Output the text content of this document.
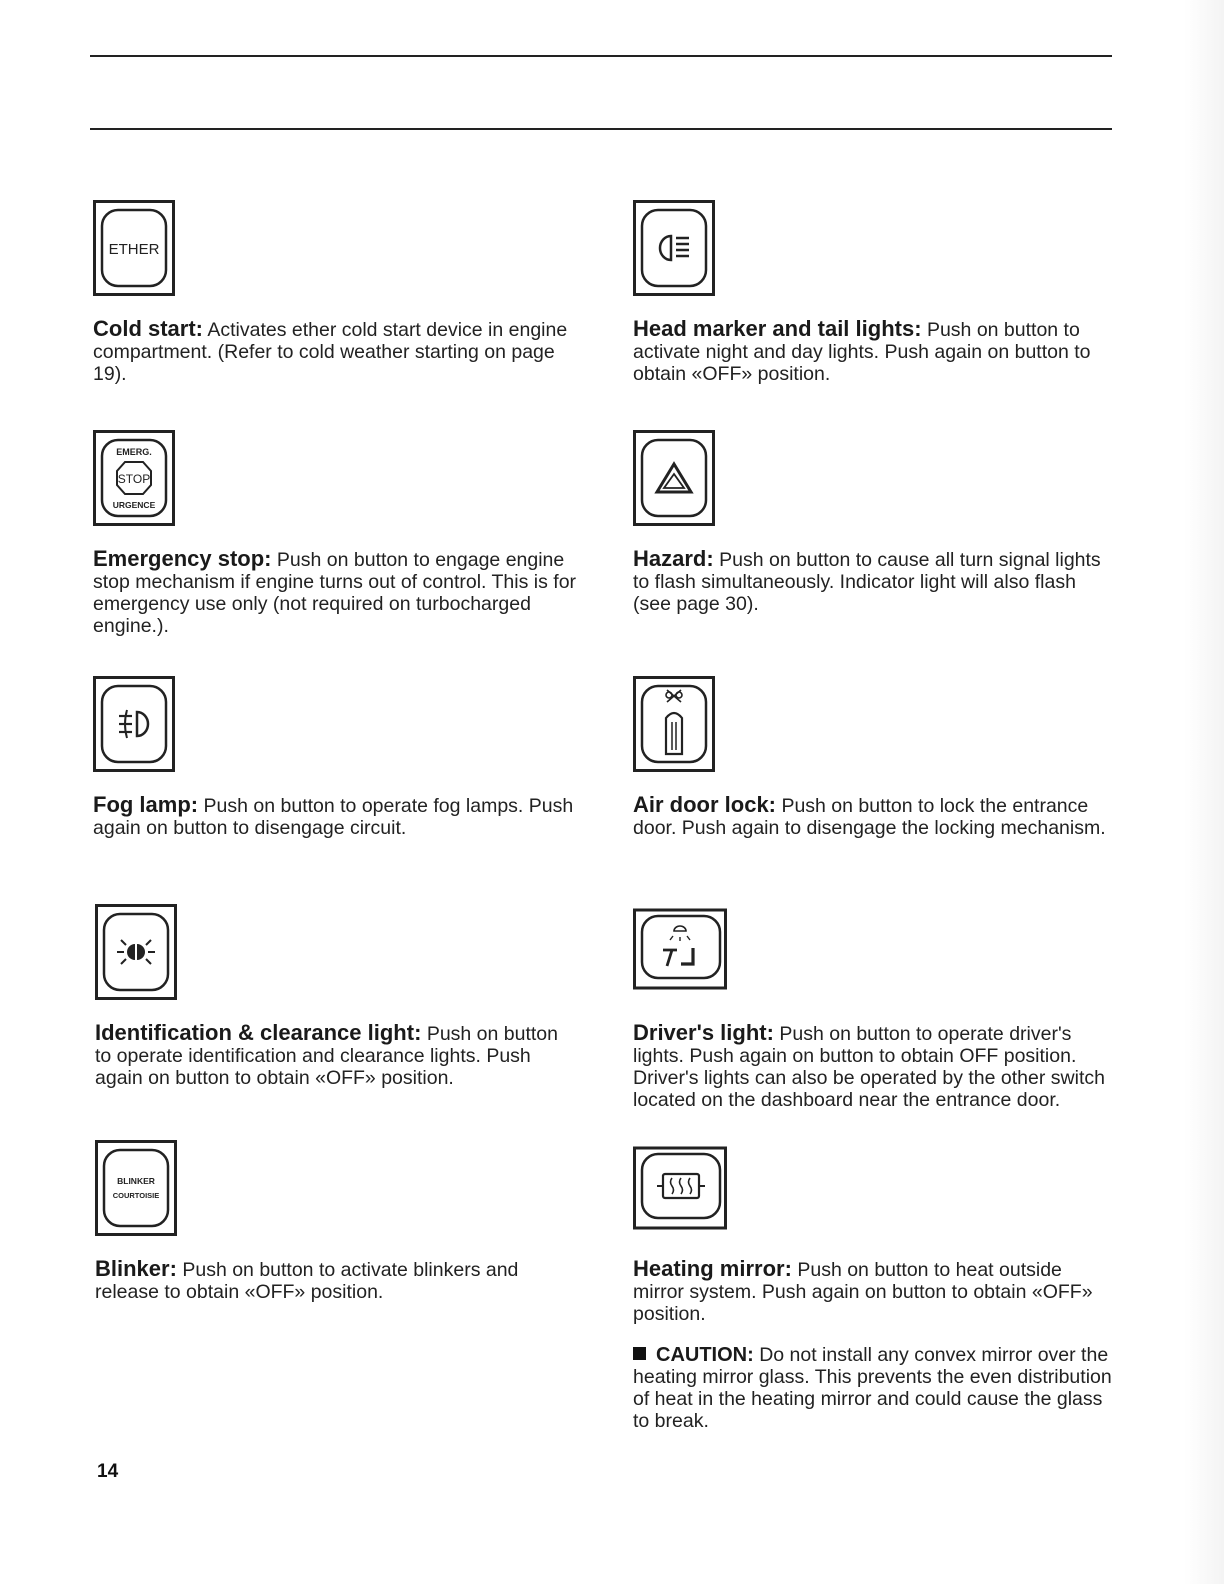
ETHER

Cold start: Activates ether cold start device in engine compartment. (Refer to cold weather starting on page 19).

Head marker and tail lights: Push on button to activate night and day lights. Push again on button to obtain «OFF» position.

EMERG.
STOP
URGENCE

Emergency stop: Push on button to engage engine stop mechanism if engine turns out of control. This is for emergency use only (not required on turbocharged engine.).

Hazard: Push on button to cause all turn signal lights to flash simultaneously. Indicator light will also flash (see page 30).

Fog lamp: Push on button to operate fog lamps. Push again on button to disengage circuit.

Air door lock: Push on button to lock the entrance door. Push again to disengage the locking mechanism.

Identification & clearance light: Push on button to operate identification and clearance lights. Push again on button to obtain «OFF» position.

Driver's light: Push on button to operate driver's lights. Push again on button to obtain OFF position. Driver's lights can also be operated by the other switch located on the dashboard near the entrance door.

BLINKER
COURTOISIE

Blinker: Push on button to activate blinkers and release to obtain «OFF» position.

Heating mirror: Push on button to heat outside mirror system. Push again on button to obtain «OFF» position.

CAUTION: Do not install any convex mirror over the heating mirror glass. This prevents the even distribution of heat in the heating mirror and could cause the glass to break.

14
